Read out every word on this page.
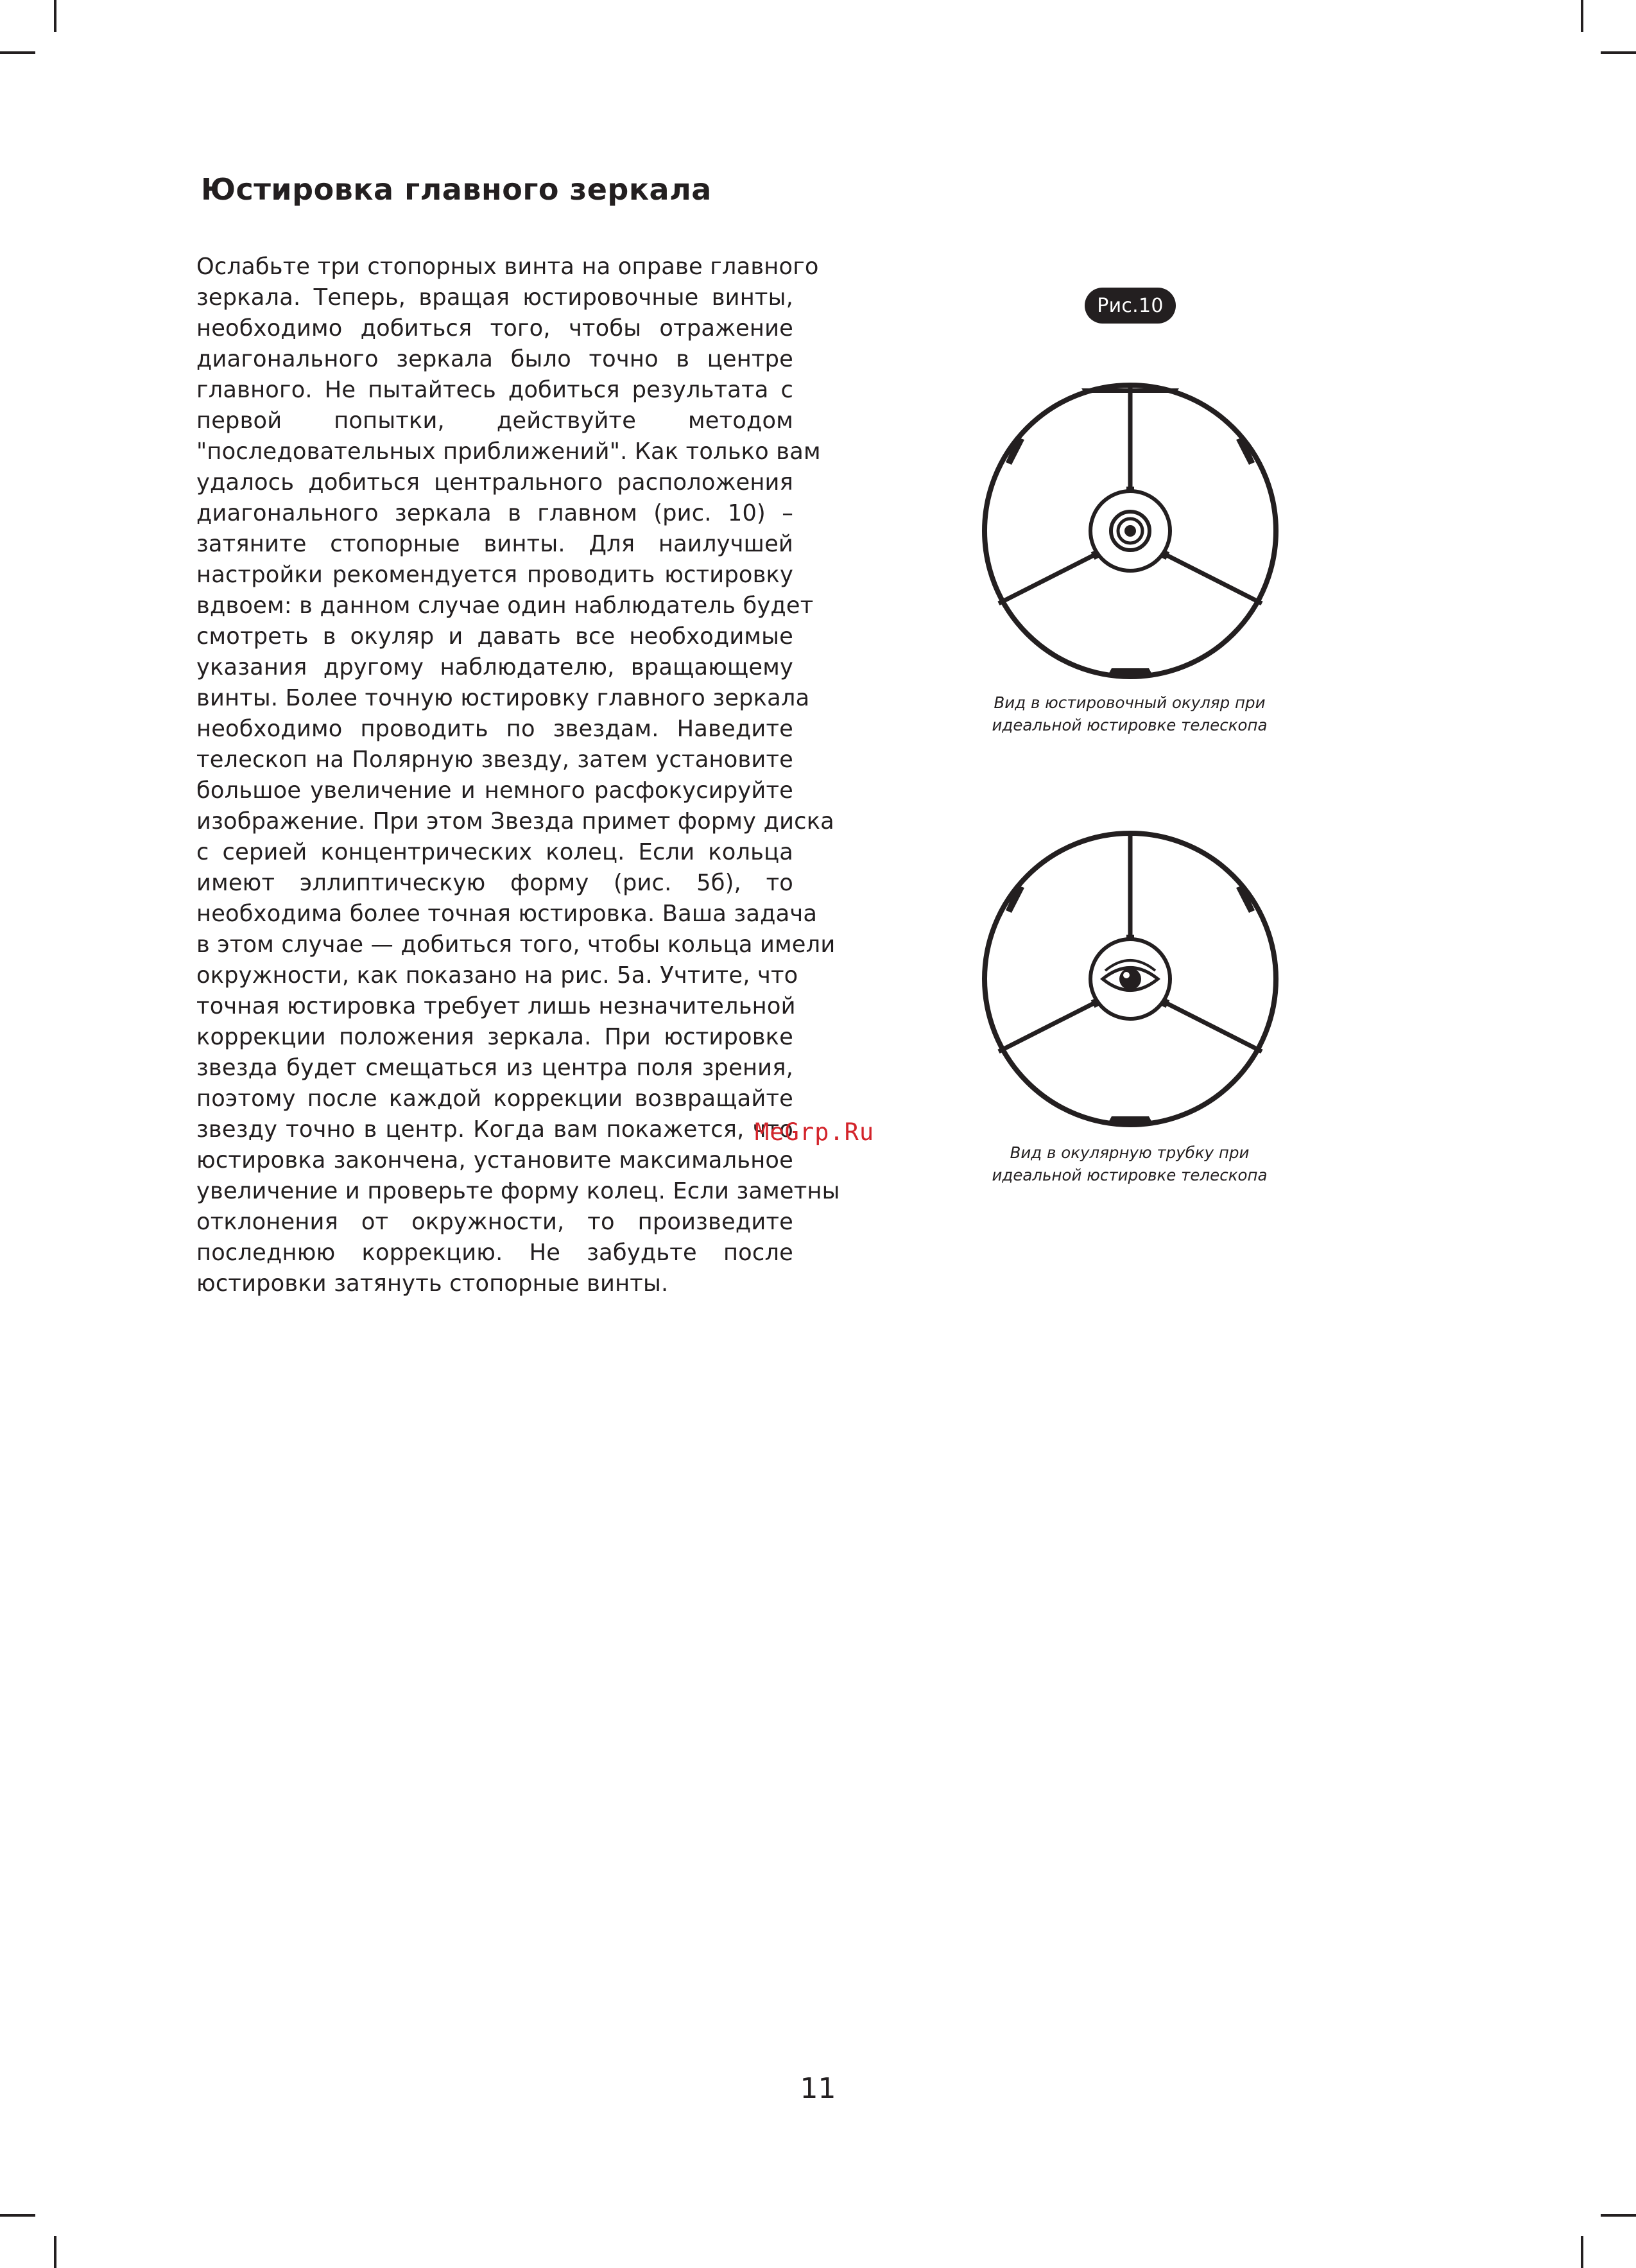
Юстировка главного зеркала
Ослабьте три стопорных винта на оправе главного
зеркала. Теперь, вращая юстировочные винты,
необходимо добиться того, чтобы отражение
диагонального зеркала было точно в центре
главного. Не пытайтесь добиться результата с
первой попытки, действуйте методом
"последовательных приближений". Как только вам
удалось добиться центрального расположения
диагонального зеркала в главном (рис. 10) –
затяните стопорные винты. Для наилучшей
настройки рекомендуется проводить юстировку
вдвоем: в данном случае один наблюдатель будет
смотреть в окуляр и давать все необходимые
указания другому наблюдателю, вращающему
винты. Более точную юстировку главного зеркала
необходимо проводить по звездам. Наведите
телескоп на Полярную звезду, затем установите
большое увеличение и немного расфокусируйте
изображение. При этом Звезда примет форму диска
с серией концентрических колец. Если кольца
имеют эллиптическую форму (рис. 5б), то
необходима более точная юстировка. Ваша задача
в этом случае — добиться того, чтобы кольца имели
окружности, как показано на рис. 5а. Учтите, что
точная юстировка требует лишь незначительной
коррекции положения зеркала. При юстировке
звезда будет смещаться из центра поля зрения,
поэтому после каждой коррекции возвращайте
звезду точно в центр. Когда вам покажется, что
юстировка закончена, установите максимальное
увеличение и проверьте форму колец. Если заметны
отклонения от окружности, то произведите
последнюю коррекцию. Не забудьте после
юстировки затянуть стопорные винты.
Рис.10
Вид в юстировочный окуляр при
идеальной юстировке телескопа
Вид в окулярную трубку при
идеальной юстировке телескопа
MeGrp.Ru
11
